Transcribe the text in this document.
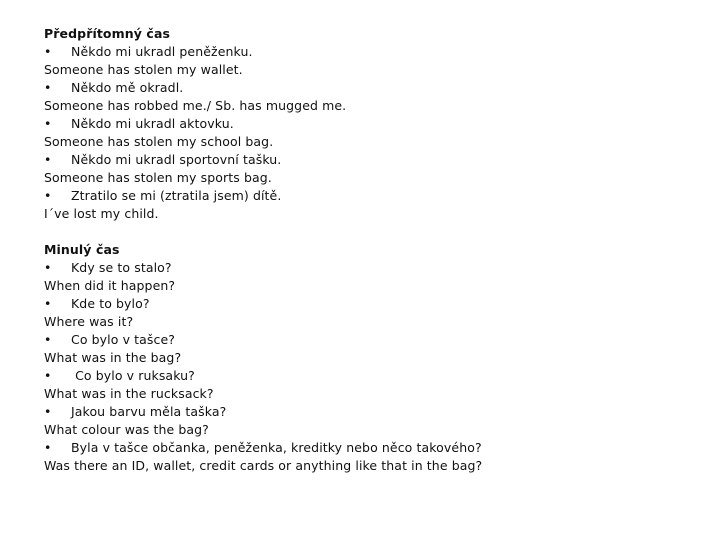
Předpřítomný čas
•	Někdo mi ukradl peněženku.
Someone has stolen my wallet.
•	Někdo mě okradl.
Someone has robbed me./ Sb. has mugged me.
•	Někdo mi ukradl aktovku.
Someone has stolen my school bag.
•	Někdo mi ukradl sportovní tašku.
Someone has stolen my sports bag.
•	Ztratilo se mi (ztratila jsem) dítě.
I´ve lost my child.
Minulý čas
•	Kdy se to stalo?
When did it happen?
•	Kde to bylo?
Where was it?
•	Co bylo v tašce?
What was in the bag?
•	Co bylo v ruksaku?
What was in the rucksack?
•	Jakou barvu měla taška?
What colour was the bag?
•	Byla v tašce občanka, peněženka, kreditky nebo něco takového?
Was there an ID, wallet, credit cards or anything like that in the bag?
